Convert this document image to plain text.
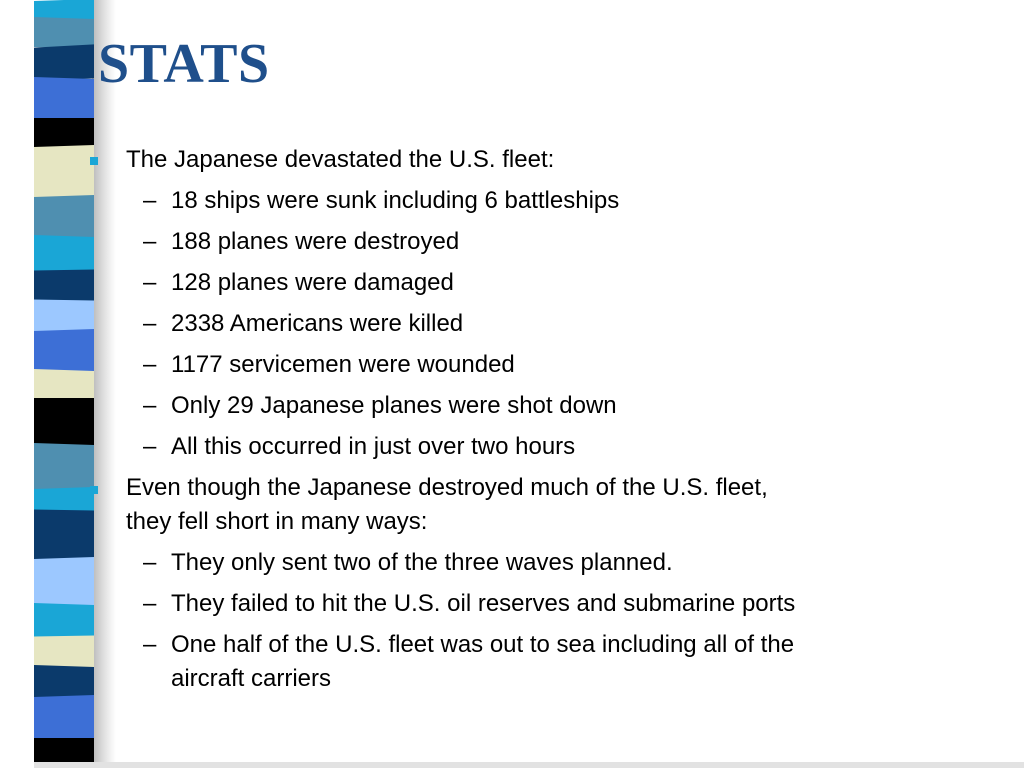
STATS
The Japanese devastated the U.S. fleet:
– 18 ships were sunk including 6 battleships
– 188 planes were destroyed
– 128 planes were damaged
– 2338 Americans were killed
– 1177 servicemen were wounded
– Only 29 Japanese planes were shot down
– All this occurred in just over two hours
Even though the Japanese destroyed much of the U.S. fleet,
they fell short in many ways:
– They only sent two of the three waves planned.
– They failed to hit the U.S. oil reserves and submarine ports
– One half of the U.S. fleet was out to sea including all of the
aircraft carriers
